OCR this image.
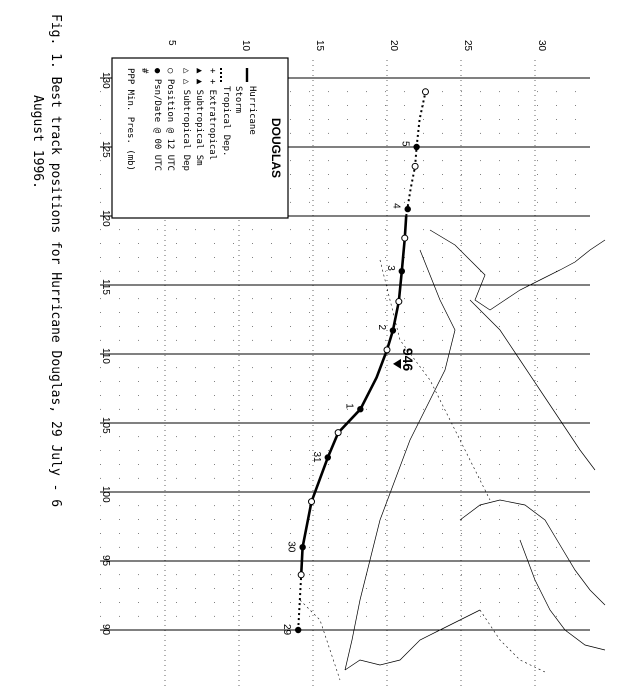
Fig. 1. Best track positions for Hurricane Douglas, 29 July - 6
August 1996.
130
125
120
115
110
105
100
95
90
5	10	15	20	25	30
29
30
31
1
2
3
4
5
946
DOUGLAS
Hurricane
Storm
Tropical Dep.
+ + Extratropical
▲ ▲ Subtropical Sm
△ △ Subtropical Dep
○ Position @ 12 UTC
● Psn/Date @ 00 UTC
#
PPP Min. Pres. (mb)
